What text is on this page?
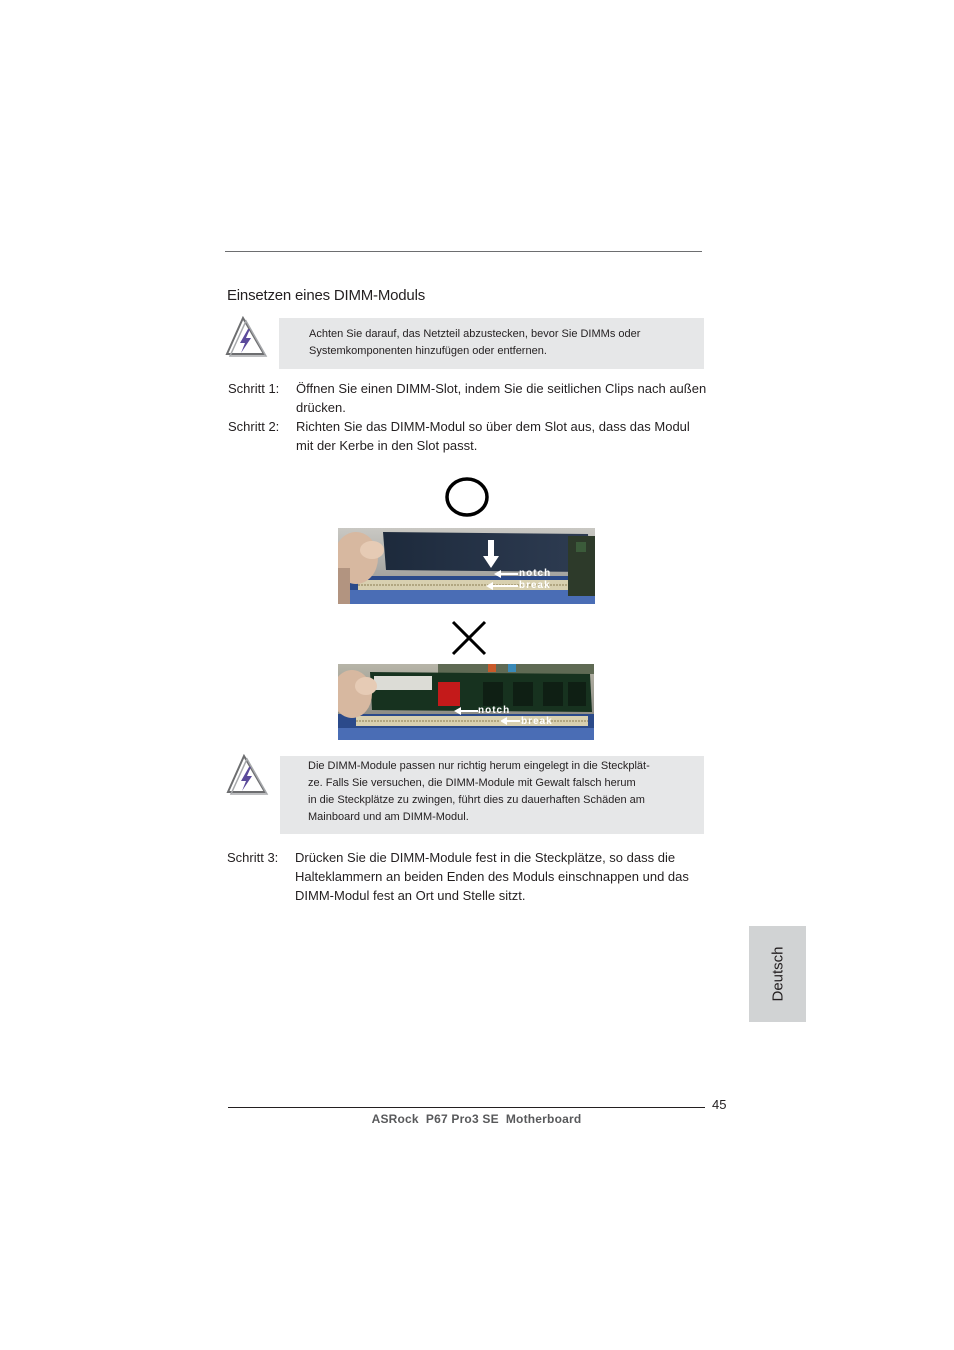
Einsetzen eines DIMM-Moduls
Achten Sie darauf, das Netzteil abzustecken, bevor Sie DIMMs oder
Systemkomponenten hinzufügen oder entfernen.
Schritt 1: Öffnen Sie einen DIMM-Slot, indem Sie die seitlichen Clips nach außen
drücken.
Schritt 2: Richten Sie das DIMM-Modul so über dem Slot aus, dass das Modul
mit der Kerbe in den Slot passt.
notch
break
notch
break
Die DIMM-Module passen nur richtig herum eingelegt in die Steckplät-
ze. Falls Sie versuchen, die DIMM-Module mit Gewalt falsch herum
in die Steckplätze zu zwingen, führt dies zu dauerhaften Schäden am
Mainboard und am DIMM-Modul.
Schritt 3: Drücken Sie die DIMM-Module fest in die Steckplätze, so dass die
Halteklammern an beiden Enden des Moduls einschnappen und das
DIMM-Modul fest an Ort und Stelle sitzt.
Deutsch
45
ASRock  P67 Pro3 SE  Motherboard
